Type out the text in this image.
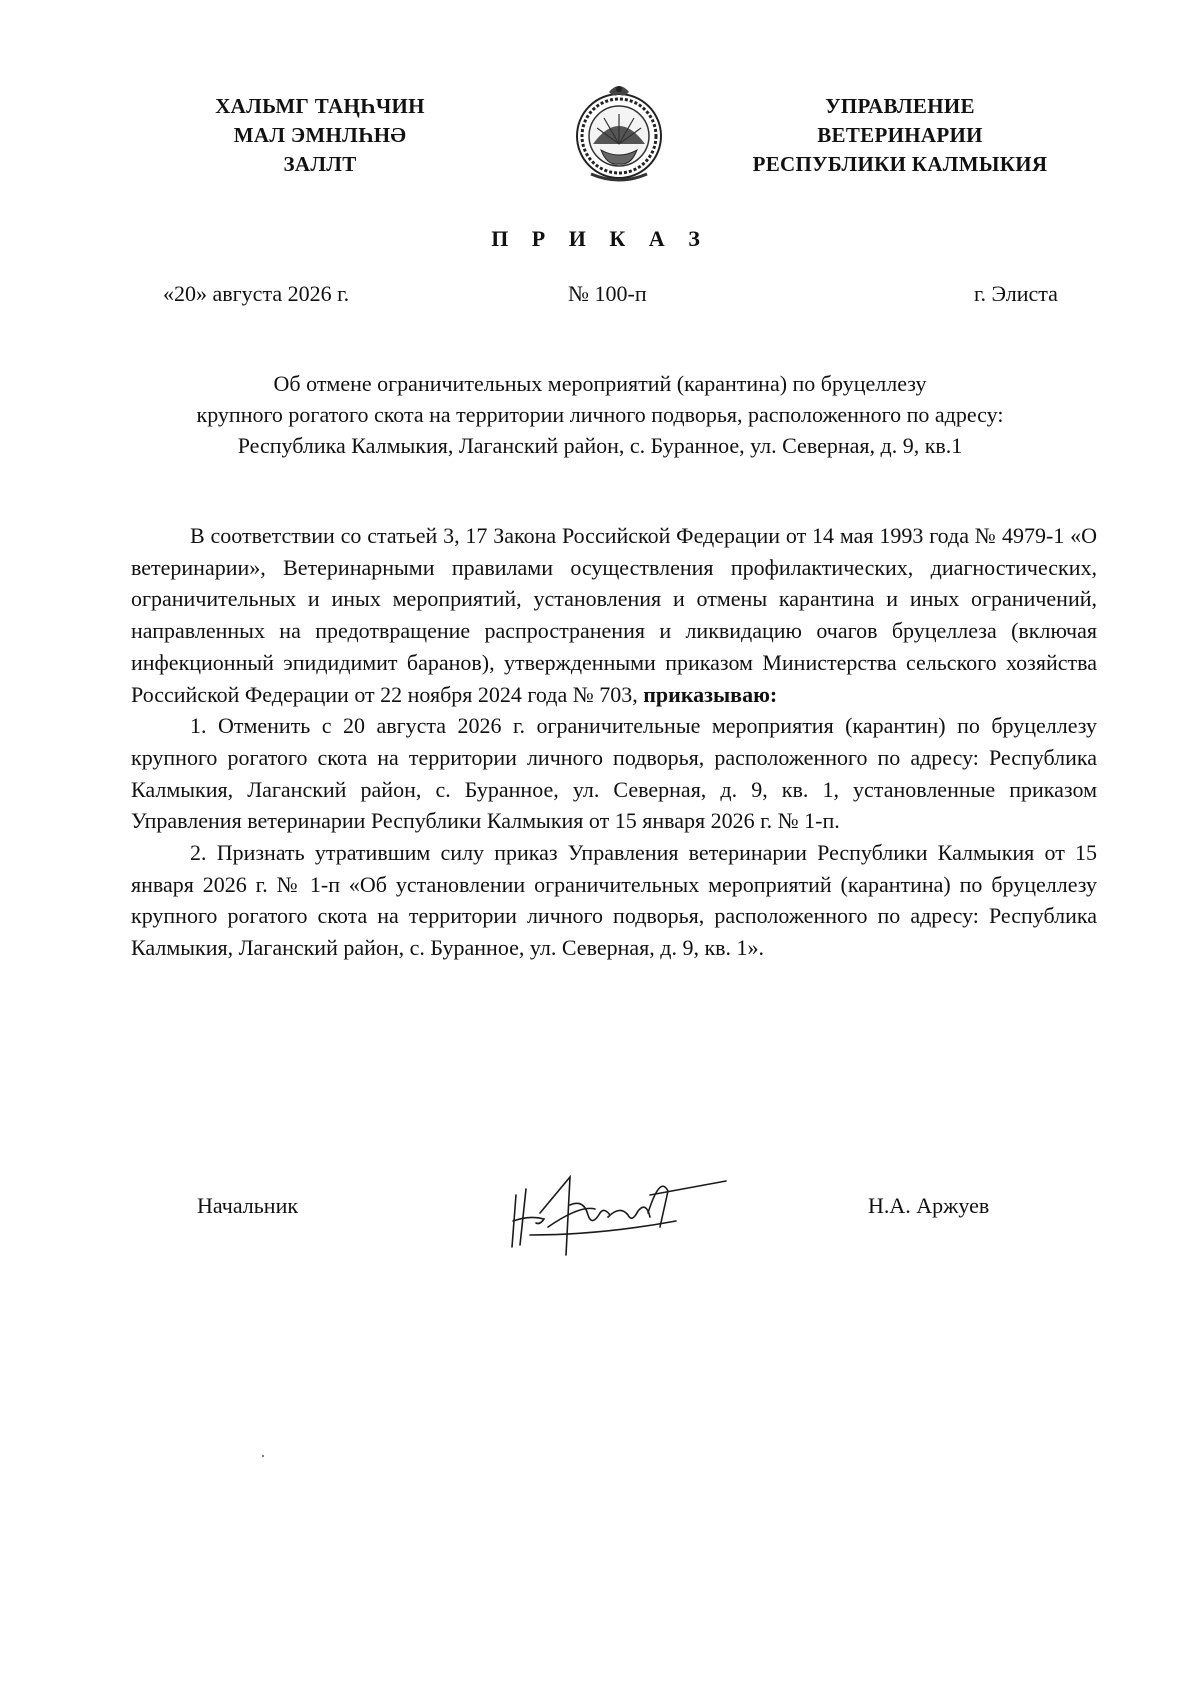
ХАЛЬМГ ТАҢҺЧИН
МАЛ ЭМНЛҺНӘ
ЗАЛЛТ
УПРАВЛЕНИЕ
ВЕТЕРИНАРИИ
РЕСПУБЛИКИ КАЛМЫКИЯ
П Р И К А З
«20» августа 2026 г.	№ 100-п	г. Элиста
Об отмене ограничительных мероприятий (карантина) по бруцеллезу
крупного рогатого скота на территории личного подворья, расположенного по адресу:
Республика Калмыкия, Лаганский район, с. Буранное, ул. Северная, д. 9, кв.1

В соответствии со статьей 3, 17 Закона Российской Федерации от 14 мая 1993 года № 4979-1 «О ветеринарии», Ветеринарными правилами осуществления профилактических, диагностических, ограничительных и иных мероприятий, установления и отмены карантина и иных ограничений, направленных на предотвращение распространения и ликвидацию очагов бруцеллеза (включая инфекционный эпидидимит баранов), утвержденными приказом Министерства сельского хозяйства Российской Федерации от 22 ноября 2024 года № 703, приказываю:

1. Отменить с 20 августа 2026 г. ограничительные мероприятия (карантин) по бруцеллезу крупного рогатого скота на территории личного подворья, расположенного по адресу: Республика Калмыкия, Лаганский район, с. Буранное, ул. Северная, д. 9, кв. 1, установленные приказом Управления ветеринарии Республики Калмыкия от 15 января 2026 г. № 1-п.

2. Признать утратившим силу приказ Управления ветеринарии Республики Калмыкия от 15 января 2026 г. № 1-п «Об установлении ограничительных мероприятий (карантина) по бруцеллезу крупного рогатого скота на территории личного подворья, расположенного по адресу: Республика Калмыкия, Лаганский район, с. Буранное, ул. Северная, д. 9, кв. 1».

Начальник	Н.А. Аржуев
